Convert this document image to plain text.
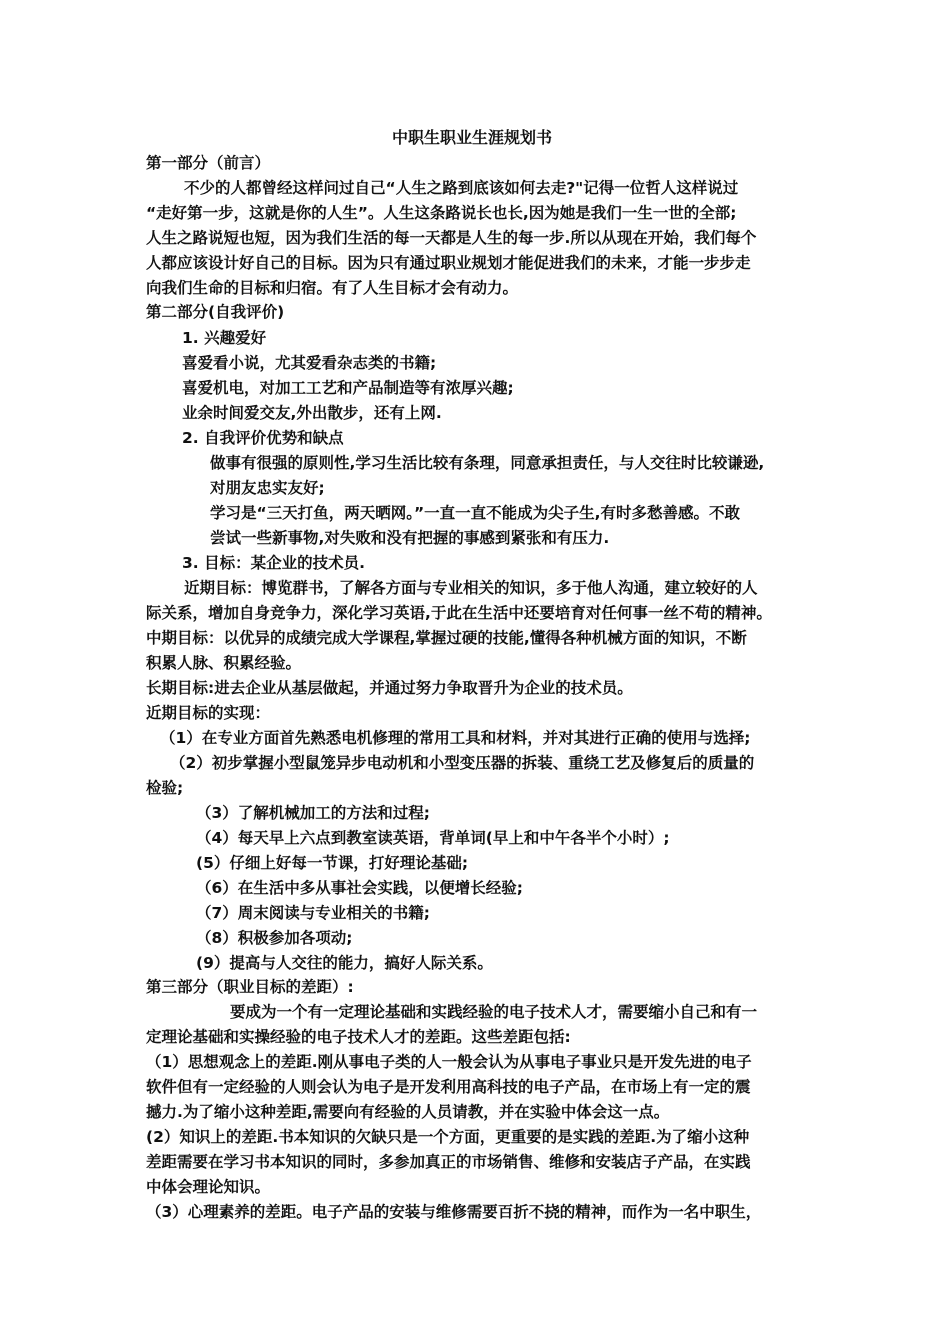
中职生职业生涯规划书
第一部分（前言）
不少的人都曾经这样问过自己“人生之路到底该如何去走?"记得一位哲人这样说过
“走好第一步，这就是你的人生”。人生这条路说长也长,因为她是我们一生一世的全部;
人生之路说短也短，因为我们生活的每一天都是人生的每一步.所以从现在开始，我们每个
人都应该设计好自己的目标。因为只有通过职业规划才能促进我们的未来，才能一步步走
向我们生命的目标和归宿。有了人生目标才会有动力。
第二部分(自我评价)
1. 兴趣爱好
喜爱看小说，尤其爱看杂志类的书籍;
喜爱机电，对加工工艺和产品制造等有浓厚兴趣;
业余时间爱交友,外出散步，还有上网.
2. 自我评价优势和缺点
做事有很强的原则性,学习生活比较有条理，同意承担责任，与人交往时比较谦逊,
对朋友忠实友好;
学习是“三天打鱼，两天晒网。”一直一直不能成为尖子生,有时多愁善感。不敢
尝试一些新事物,对失败和没有把握的事感到紧张和有压力.
3. 目标：某企业的技术员.
近期目标：博览群书，了解各方面与专业相关的知识，多于他人沟通，建立较好的人
际关系，增加自身竞争力，深化学习英语,于此在生活中还要培育对任何事一丝不苟的精神。
中期目标：以优异的成绩完成大学课程,掌握过硬的技能,懂得各种机械方面的知识，不断
积累人脉、积累经验。
长期目标:进去企业从基层做起，并通过努力争取晋升为企业的技术员。
近期目标的实现：
（1）在专业方面首先熟悉电机修理的常用工具和材料，并对其进行正确的使用与选择;
（2）初步掌握小型鼠笼异步电动机和小型变压器的拆装、重绕工艺及修复后的质量的
检验;
（3）了解机械加工的方法和过程;
（4）每天早上六点到教室读英语，背单词(早上和中午各半个小时）;
(5）仔细上好每一节课，打好理论基础;
（6）在生活中多从事社会实践，以便增长经验;
（7）周末阅读与专业相关的书籍;
（8）积极参加各项动;
(9）提高与人交往的能力，搞好人际关系。
第三部分（职业目标的差距）:
要成为一个有一定理论基础和实践经验的电子技术人才，需要缩小自己和有一
定理论基础和实操经验的电子技术人才的差距。这些差距包括:
（1）思想观念上的差距.刚从事电子类的人一般会认为从事电子事业只是开发先进的电子
软件但有一定经验的人则会认为电子是开发利用高科技的电子产品，在市场上有一定的震
撼力.为了缩小这种差距,需要向有经验的人员请教，并在实验中体会这一点。
(2）知识上的差距.书本知识的欠缺只是一个方面，更重要的是实践的差距.为了缩小这种
差距需要在学习书本知识的同时，多参加真正的市场销售、维修和安装店子产品，在实践
中体会理论知识。
（3）心理素养的差距。电子产品的安装与维修需要百折不挠的精神，而作为一名中职生，
